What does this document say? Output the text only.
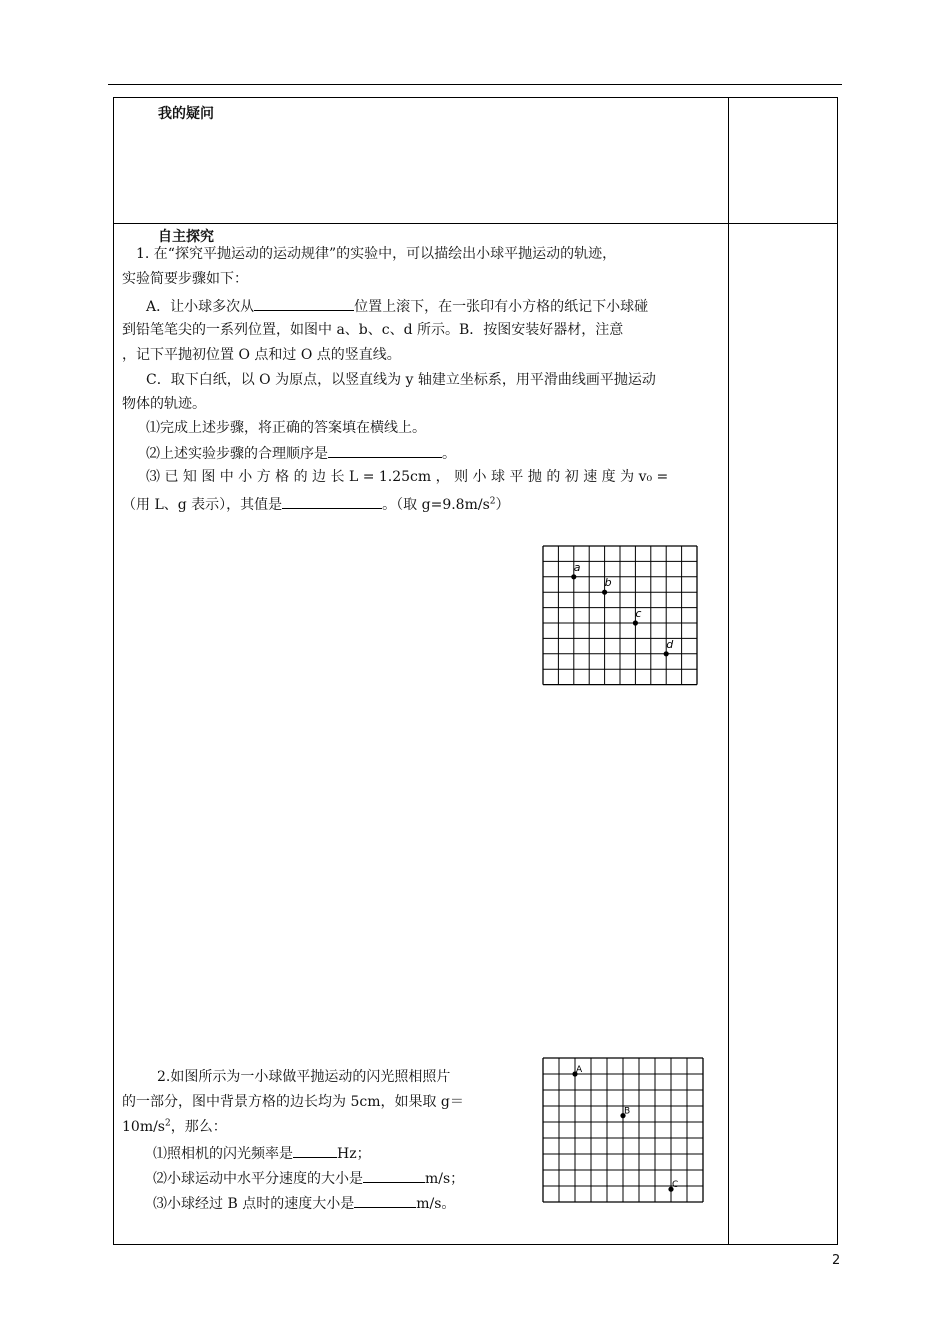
我的疑问
自主探究
1. 在“探究平抛运动的运动规律”的实验中，可以描绘出小球平抛运动的轨迹，
实验简要步骤如下：
A．让小球多次从	位置上滚下，在一张印有小方格的纸记下小球碰
到铅笔笔尖的一系列位置，如图中 a、b、c、d 所示。B．按图安装好器材，注意
，记下平抛初位置 O 点和过 O 点的竖直线。
C．取下白纸，以 O 为原点，以竖直线为 y 轴建立坐标系，用平滑曲线画平抛运动
物体的轨迹。
⑴完成上述步骤，将正确的答案填在横线上。
⑵上述实验步骤的合理顺序是	。
⑶ 已 知 图 中 小 方 格 的 边 长 L = 1.25cm ， 则 小 球 平 抛 的 初 速 度 为 v₀ =
（用 L、g 表示），其值是	。（取 $g=9.8m/s^2$）
a
b
c
d
2.如图所示为一小球做平抛运动的闪光照相照片
的一部分，图中背景方格的边长均为 5cm，如果取 g＝
$10m/s^2$，那么：
⑴照相机的闪光频率是	Hz；
⑵小球运动中水平分速度的大小是	m/s；
⑶小球经过 B 点时的速度大小是	m/s。
A
B
C
2
